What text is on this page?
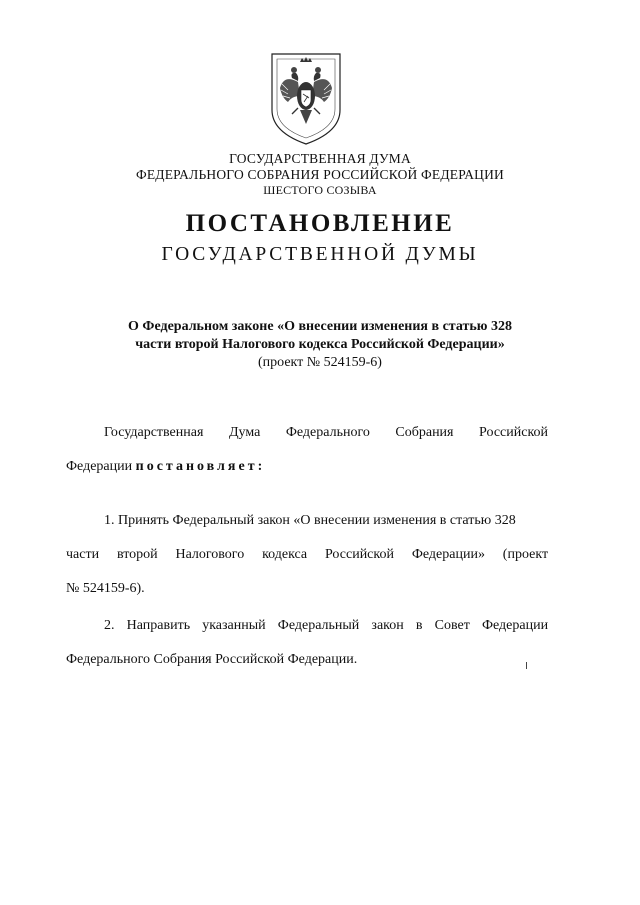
ГОСУДАРСТВЕННАЯ ДУМА
ФЕДЕРАЛЬНОГО СОБРАНИЯ РОССИЙСКОЙ ФЕДЕРАЦИИ
ШЕСТОГО СОЗЫВА
ПОСТАНОВЛЕНИЕ
ГОСУДАРСТВЕННОЙ ДУМЫ
О Федеральном законе «О внесении изменения в статью 328
части второй Налогового кодекса Российской Федерации»
(проект № 524159-6)
Государственная Дума Федерального Собрания Российской
Федерации постановляет:
1. Принять Федеральный закон «О внесении изменения в статью 328
части второй Налогового кодекса Российской Федерации» (проект
№ 524159-6).
2. Направить указанный Федеральный закон в Совет Федерации
Федерального Собрания Российской Федерации.
